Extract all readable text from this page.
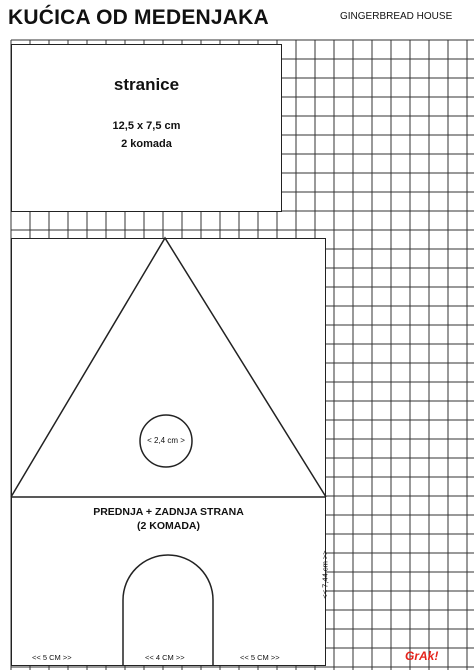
KUĆICA OD MEDENJAKA	GINGERBREAD HOUSE
stranice
12,5 x 7,5 cm
2 komada
< 2,4 cm >
PREDNJA + ZADNJA STRANA
(2 KOMADA)
<< 7,44 cm >>
<< 5 CM >>	<< 4 CM >>	<< 5 CM >>	GrAk!
